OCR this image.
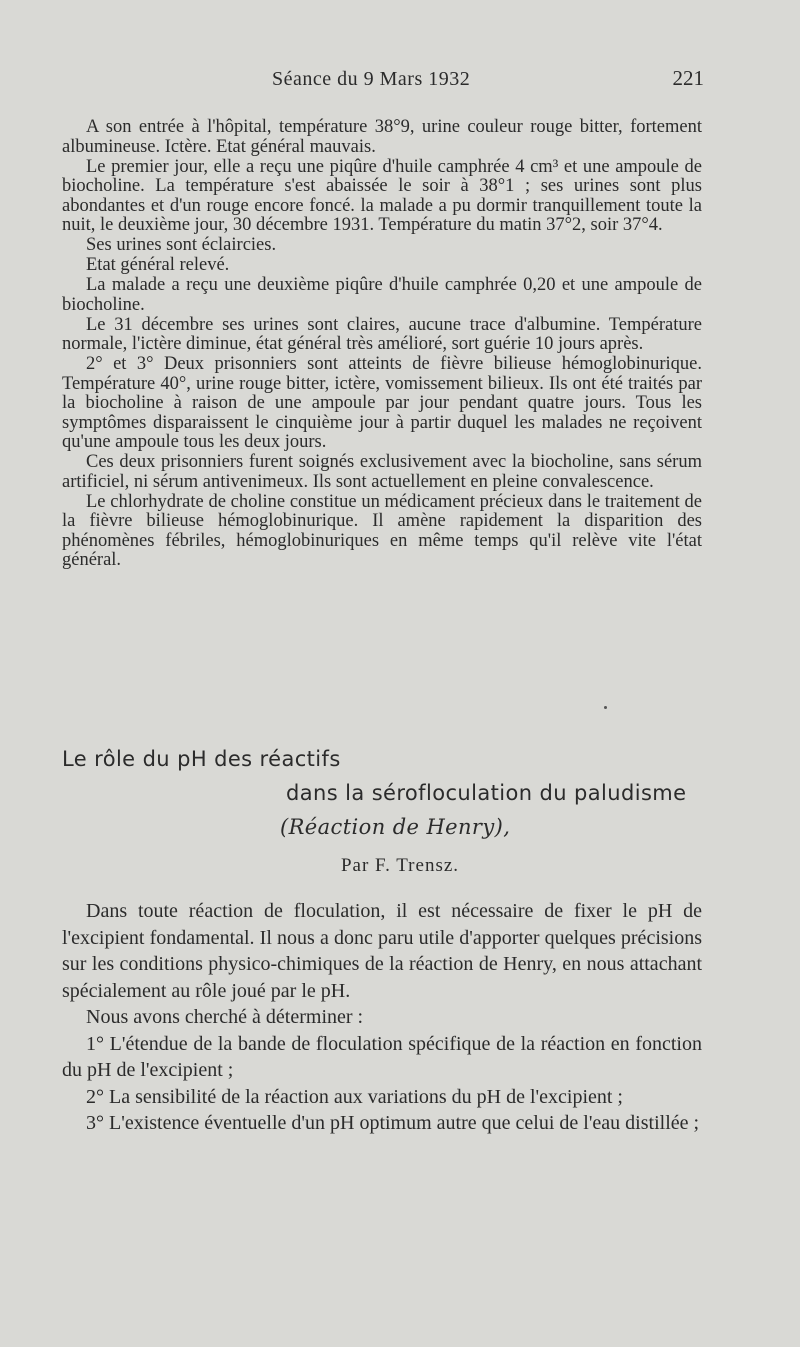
Séance du 9 Mars 1932	221

A son entrée à l'hôpital, température 38°9, urine couleur rouge bitter, fortement albumineuse. Ictère. Etat général mauvais.

Le premier jour, elle a reçu une piqûre d'huile camphrée 4 cm³ et une ampoule de biocholine. La température s'est abaissée le soir à 38°1 ; ses urines sont plus abondantes et d'un rouge encore foncé. la malade a pu dormir tranquillement toute la nuit, le deuxième jour, 30 décembre 1931. Température du matin 37°2, soir 37°4.

Ses urines sont éclaircies.

Etat général relevé.

La malade a reçu une deuxième piqûre d'huile camphrée 0,20 et une ampoule de biocholine.

Le 31 décembre ses urines sont claires, aucune trace d'albumine. Température normale, l'ictère diminue, état général très amélioré, sort guérie 10 jours après.

2° et 3° Deux prisonniers sont atteints de fièvre bilieuse hémoglobinurique. Température 40°, urine rouge bitter, ictère, vomissement bilieux. Ils ont été traités par la biocholine à raison de une ampoule par jour pendant quatre jours. Tous les symptômes disparaissent le cinquième jour à partir duquel les malades ne reçoivent qu'une ampoule tous les deux jours.

Ces deux prisonniers furent soignés exclusivement avec la biocholine, sans sérum artificiel, ni sérum antivenimeux. Ils sont actuellement en pleine convalescence.

Le chlorhydrate de choline constitue un médicament précieux dans le traitement de la fièvre bilieuse hémoglobinurique. Il amène rapidement la disparition des phénomènes fébriles, hémoglobinuriques en même temps qu'il relève vite l'état général.

Le rôle du pH des réactifs
dans la sérofloculation du paludisme
(Réaction de Henry),
Par F. Trensz.

Dans toute réaction de floculation, il est nécessaire de fixer le pH de l'excipient fondamental. Il nous a donc paru utile d'apporter quelques précisions sur les conditions physico-chimiques de la réaction de Henry, en nous attachant spécialement au rôle joué par le pH.

Nous avons cherché à déterminer :

1° L'étendue de la bande de floculation spécifique de la réaction en fonction du pH de l'excipient ;

2° La sensibilité de la réaction aux variations du pH de l'excipient ;

3° L'existence éventuelle d'un pH optimum autre que celui de l'eau distillée ;
